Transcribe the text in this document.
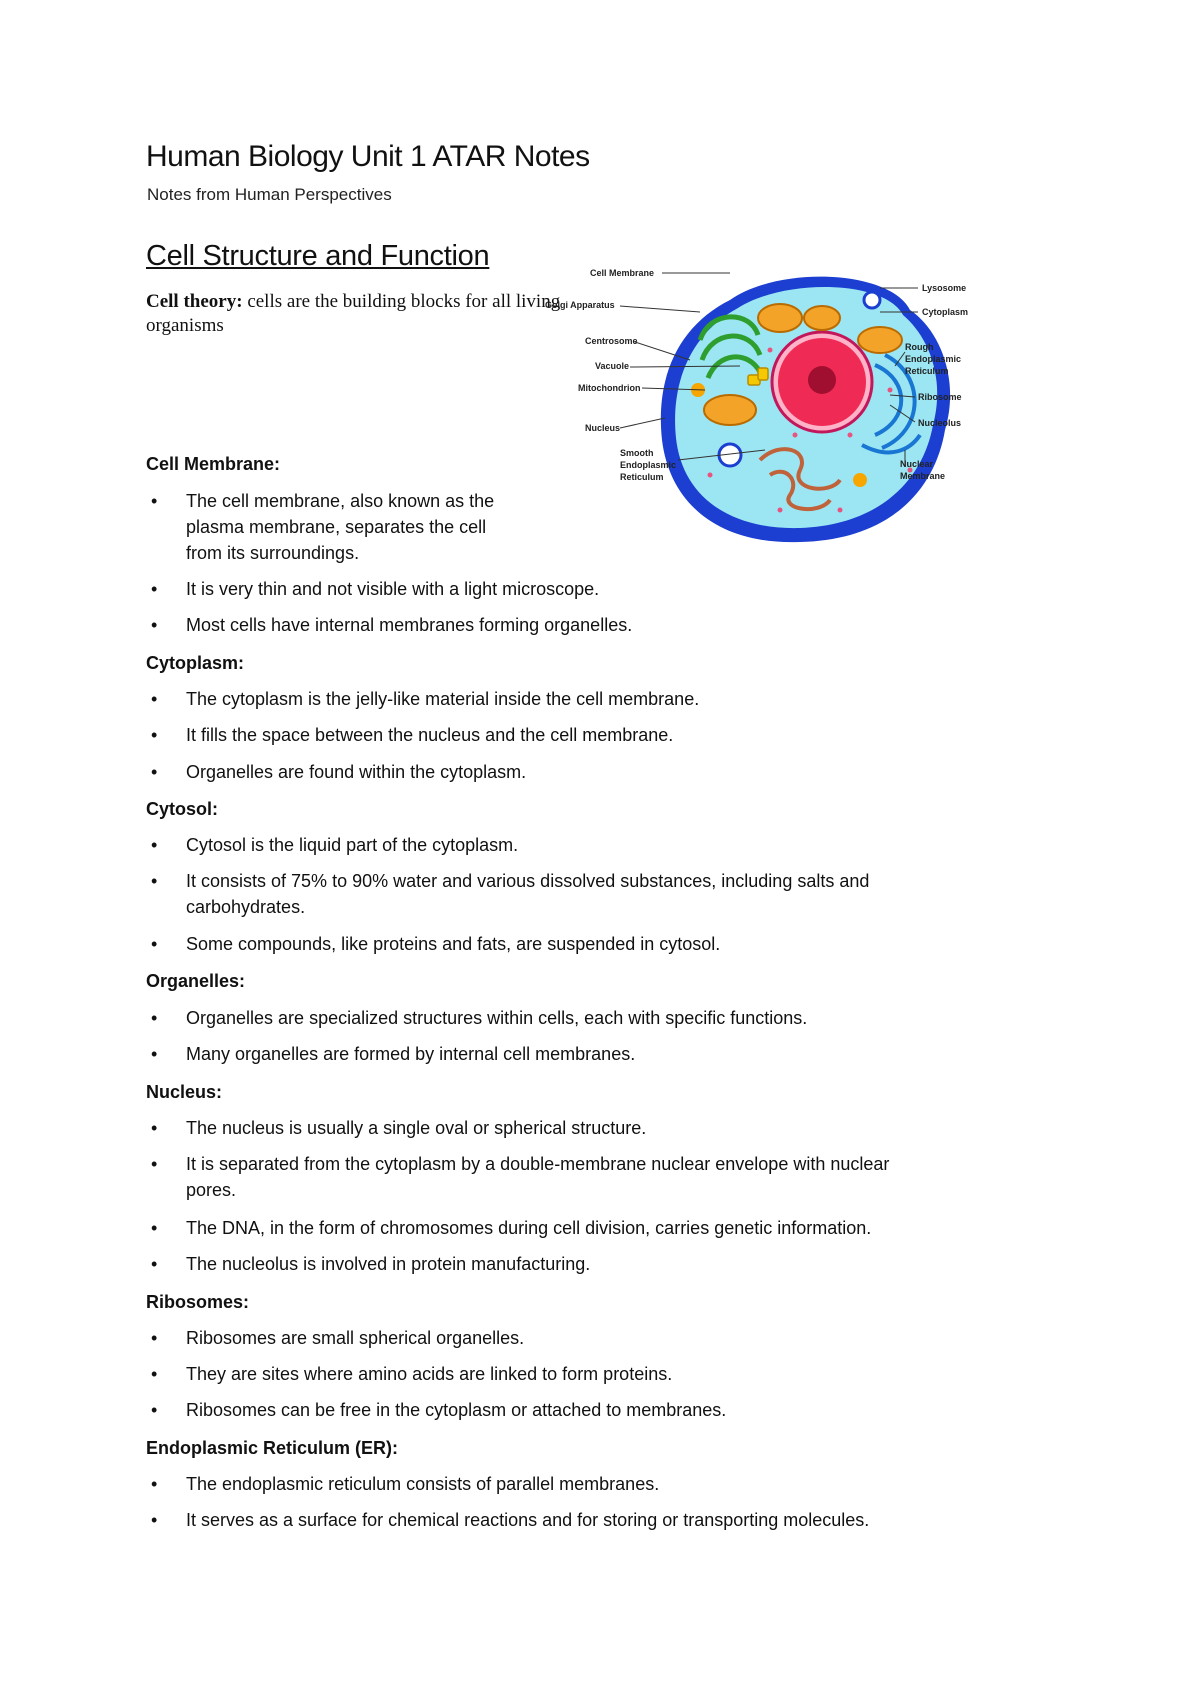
Human Biology Unit 1 ATAR Notes
Notes from Human Perspectives
Cell Structure and Function
Cell theory: cells are the building blocks for all living organisms
Cell Membrane
Golgi Apparatus
Centrosome
Vacuole
Mitochondrion
Nucleus
Smooth
Endoplasmic
Reticulum
Lysosome
Cytoplasm
Rough
Endoplasmic
Reticulum
Ribosome
Nucleolus
Nuclear
Membrane
Cell Membrane:
• The cell membrane, also known as the
plasma membrane, separates the cell
from its surroundings.
• It is very thin and not visible with a light microscope.
• Most cells have internal membranes forming organelles.
Cytoplasm:
• The cytoplasm is the jelly-like material inside the cell membrane.
• It fills the space between the nucleus and the cell membrane.
• Organelles are found within the cytoplasm.
Cytosol:
• Cytosol is the liquid part of the cytoplasm.
• It consists of 75% to 90% water and various dissolved substances, including salts and
carbohydrates.
• Some compounds, like proteins and fats, are suspended in cytosol.
Organelles:
• Organelles are specialized structures within cells, each with specific functions.
• Many organelles are formed by internal cell membranes.
Nucleus:
• The nucleus is usually a single oval or spherical structure.
• It is separated from the cytoplasm by a double-membrane nuclear envelope with nuclear
pores.
• The DNA, in the form of chromosomes during cell division, carries genetic information.
• The nucleolus is involved in protein manufacturing.
Ribosomes:
• Ribosomes are small spherical organelles.
• They are sites where amino acids are linked to form proteins.
• Ribosomes can be free in the cytoplasm or attached to membranes.
Endoplasmic Reticulum (ER):
• The endoplasmic reticulum consists of parallel membranes.
• It serves as a surface for chemical reactions and for storing or transporting molecules.
